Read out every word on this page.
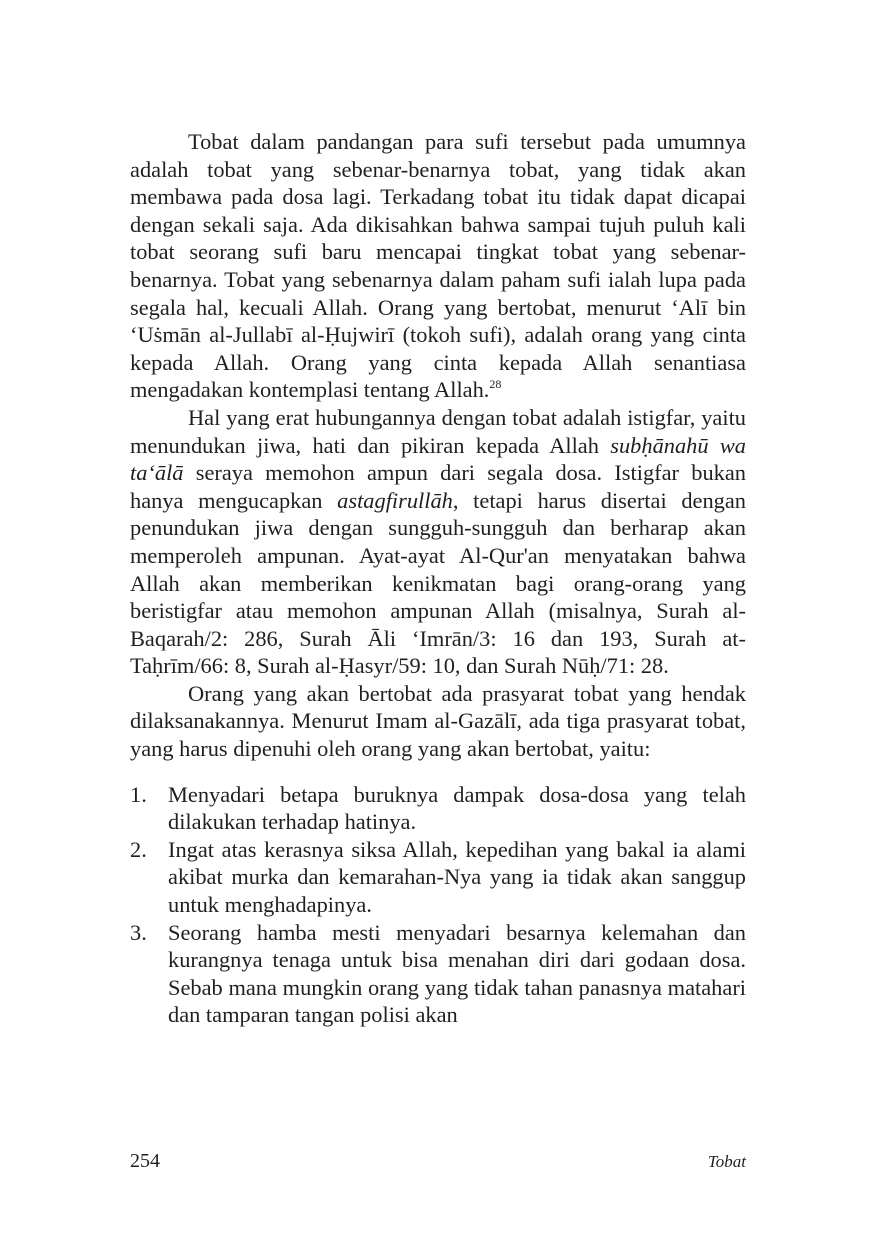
Tobat dalam pandangan para sufi tersebut pada umumnya adalah tobat yang sebenar-benarnya tobat, yang tidak akan membawa pada dosa lagi. Terkadang tobat itu tidak dapat dicapai dengan sekali saja. Ada dikisahkan bahwa sampai tujuh puluh kali tobat seorang sufi baru mencapai tingkat tobat yang sebenar-benarnya. Tobat yang sebenarnya dalam paham sufi ialah lupa pada segala hal, kecuali Allah. Orang yang bertobat, menurut ‘Alī bin ‘Uṡmān al-Jullabī al-Ḥujwirī (tokoh sufi), adalah orang yang cinta kepada Allah. Orang yang cinta kepada Allah senantiasa mengadakan kontemplasi tentang Allah.$^{28}$

Hal yang erat hubungannya dengan tobat adalah istigfar, yaitu menundukan jiwa, hati dan pikiran kepada Allah subḥānahū wa ta‘ālā seraya memohon ampun dari segala dosa. Istigfar bukan hanya mengucapkan astagfirullāh, tetapi harus disertai dengan penundukan jiwa dengan sungguh-sungguh dan berharap akan memperoleh ampunan. Ayat-ayat Al-Qur'an menyatakan bahwa Allah akan memberikan kenikmatan bagi orang-orang yang beristigfar atau memohon ampunan Allah (misalnya, Surah al-Baqarah/2: 286, Surah Āli ‘Imrān/3: 16 dan 193, Surah at-Taḥrīm/66: 8, Surah al-Ḥasyr/59: 10, dan Surah Nūḥ/71: 28.

Orang yang akan bertobat ada prasyarat tobat yang hendak dilaksanakannya. Menurut Imam al-Gazālī, ada tiga prasyarat tobat, yang harus dipenuhi oleh orang yang akan bertobat, yaitu:

1. Menyadari betapa buruknya dampak dosa-dosa yang telah dilakukan terhadap hatinya.
2. Ingat atas kerasnya siksa Allah, kepedihan yang bakal ia alami akibat murka dan kemarahan-Nya yang ia tidak akan sanggup untuk menghadapinya.
3. Seorang hamba mesti menyadari besarnya kelemahan dan kurangnya tenaga untuk bisa menahan diri dari godaan dosa. Sebab mana mungkin orang yang tidak tahan panasnya matahari dan tamparan tangan polisi akan
254	Tobat
